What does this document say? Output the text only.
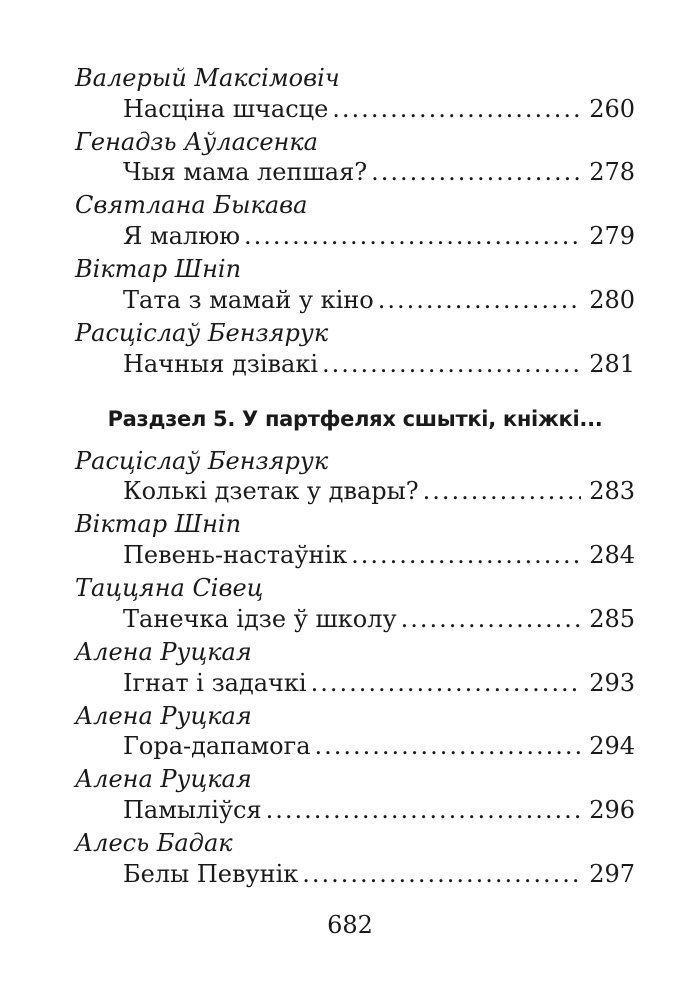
Валерый Максімовіч
Насціна шчасце .....	260
Генадзь Аўласенка
Чыя мама лепшая? .....	278
Святлана Быкава
Я малюю .....	279
Віктар Шніп
Тата з мамай у кіно .....	280
Расціслаў Бензярук
Начныя дзівакі .....	281
Раздзел 5. У партфелях сшыткі, кніжкі...
Расціслаў Бензярук
Колькі дзетак у двары? .....	283
Віктар Шніп
Певень-настаўнік .....	284
Таццяна Сівец
Танечка ідзе ў школу .....	285
Алена Руцкая
Ігнат і задачкі .....	293
Алена Руцкая
Гора-дапамога .....	294
Алена Руцкая
Памыліўся .....	296
Алесь Бадак
Белы Певунік .....	297
682
